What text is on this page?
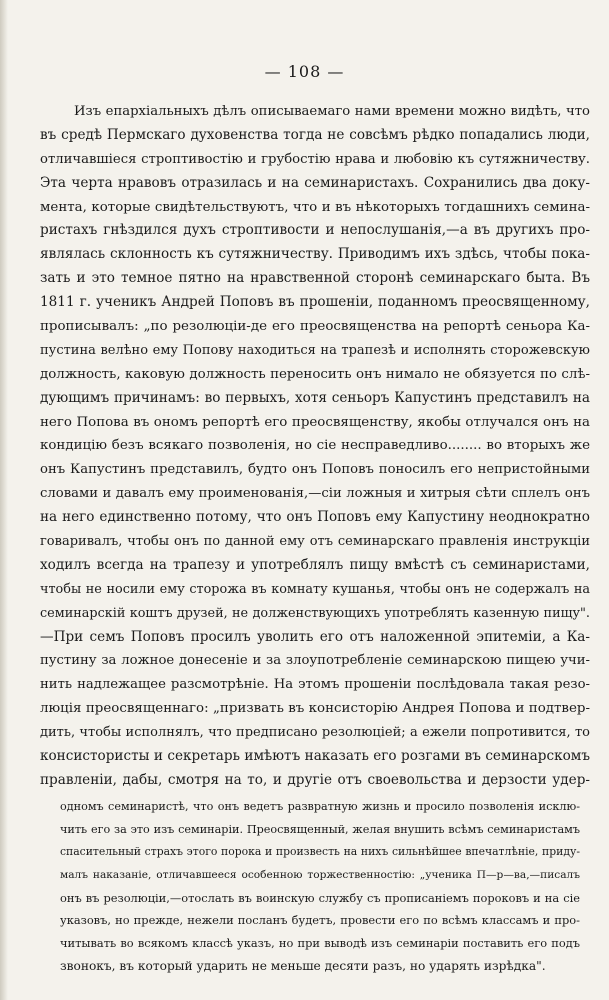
— 108 —
Изъ епархіальныхъ дѣлъ описываемаго нами времени можно видѣть, что
въ средѣ Пермскаго духовенства тогда не совсѣмъ рѣдко попадались люди,
отличавшіеся строптивостію и грубостію нрава и любовію къ сутяжничеству.
Эта черта нравовъ отразилась и на семинаристахъ. Сохранились два доку-
мента, которые свидѣтельствуютъ, что и въ нѣкоторыхъ тогдашнихъ семина-
ристахъ гнѣздился духъ строптивости и непослушанія,—а въ другихъ про-
являлась склонность къ сутяжничеству. Приводимъ ихъ здѣсь, чтобы пока-
зать и это темное пятно на нравственной сторонѣ семинарскаго быта. Въ
1811 г. ученикъ Андрей Поповъ въ прошеніи, поданномъ преосвященному,
прописывалъ: „по резолюціи-де его преосвященства на репортѣ сеньора Ка-
пустина велѣно ему Попову находиться на трапезѣ и исполнять сторожевскую
должность, каковую должность переносить онъ нимало не обязуется по слѣ-
дующимъ причинамъ: во первыхъ, хотя сеньоръ Капустинъ представилъ на
него Попова въ ономъ репортѣ его преосвященству, якобы отлучался онъ на
кондицію безъ всякаго позволенія, но сіе несправедливо........ во вторыхъ же
онъ Капустинъ представилъ, будто онъ Поповъ поносилъ его непристойными
словами и давалъ ему проименованія,—сіи ложныя и хитрыя сѣти сплелъ онъ
на него единственно потому, что онъ Поповъ ему Капустину неоднократно
говаривалъ, чтобы онъ по данной ему отъ семинарскаго правленія инструкціи
ходилъ всегда на трапезу и употреблялъ пищу вмѣстѣ съ семинаристами,
чтобы не носили ему сторожа въ комнату кушанья, чтобы онъ не содержалъ на
семинарскій коштъ друзей, не долженствующихъ употреблять казенную пищу".
—При семъ Поповъ просилъ уволить его отъ наложенной эпитеміи, а Ка-
пустину за ложное донесеніе и за злоупотребленіе семинарскою пищею учи-
нить надлежащее разсмотрѣніе. На этомъ прошеніи послѣдовала такая резо-
люція преосвященнаго: „призвать въ консисторію Андрея Попова и подтвер-
дить, чтобы исполнялъ, что предписано резолюціей; а ежели попротивится, то
консистористы и секретарь имѣютъ наказать его розгами въ семинарскомъ
правленіи, дабы, смотря на то, и другіе отъ своевольства и дерзости удер-
одномъ семинаристѣ, что онъ ведетъ развратную жизнь и просило позволенія исклю-
чить его за это изъ семинаріи. Преосвященный, желая внушить всѣмъ семинаристамъ
спасительный страхъ этого порока и произвесть на нихъ сильнѣйшее впечатлѣніе, приду-
малъ наказаніе, отличавшееся особенною торжественностію: „ученика П—р—ва,—писалъ
онъ въ резолюціи,—отослать въ воинскую службу съ прописаніемъ пороковъ и на сіе
указовъ, но прежде, нежели посланъ будетъ, провести его по всѣмъ классамъ и про-
читывать во всякомъ классѣ указъ, но при выводѣ изъ семинаріи поставить его подъ
звонокъ, въ который ударить не меньше десяти разъ, но ударять изрѣдка".
